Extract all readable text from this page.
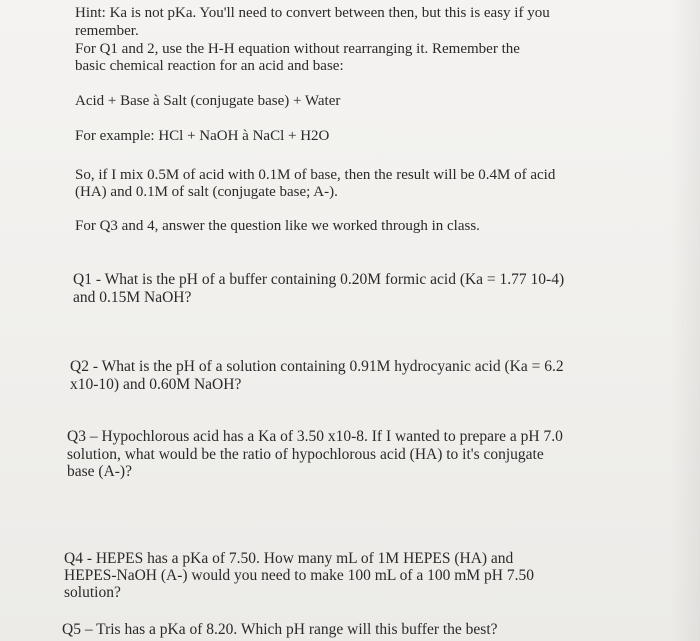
Hint: Ka is not pKa. You'll need to convert between then, but this is easy if you
remember.
For Q1 and 2, use the H-H equation without rearranging it. Remember the
basic chemical reaction for an acid and base:
Acid + Base à Salt (conjugate base) + Water
For example: HCl + NaOH à NaCl + H2O
So, if I mix 0.5M of acid with 0.1M of base, then the result will be 0.4M of acid
(HA) and 0.1M of salt (conjugate base; A-).
For Q3 and 4, answer the question like we worked through in class.
Q1 - What is the pH of a buffer containing 0.20M formic acid (Ka = 1.77 10-4)
and 0.15M NaOH?
Q2 - What is the pH of a solution containing 0.91M hydrocyanic acid (Ka = 6.2
x10-10) and 0.60M NaOH?
Q3 – Hypochlorous acid has a Ka of 3.50 x10-8. If I wanted to prepare a pH 7.0
solution, what would be the ratio of hypochlorous acid (HA) to it's conjugate
base (A-)?
Q4 - HEPES has a pKa of 7.50. How many mL of 1M HEPES (HA) and
HEPES-NaOH (A-) would you need to make 100 mL of a 100 mM pH 7.50
solution?
Q5 – Tris has a pKa of 8.20. Which pH range will this buffer the best?
